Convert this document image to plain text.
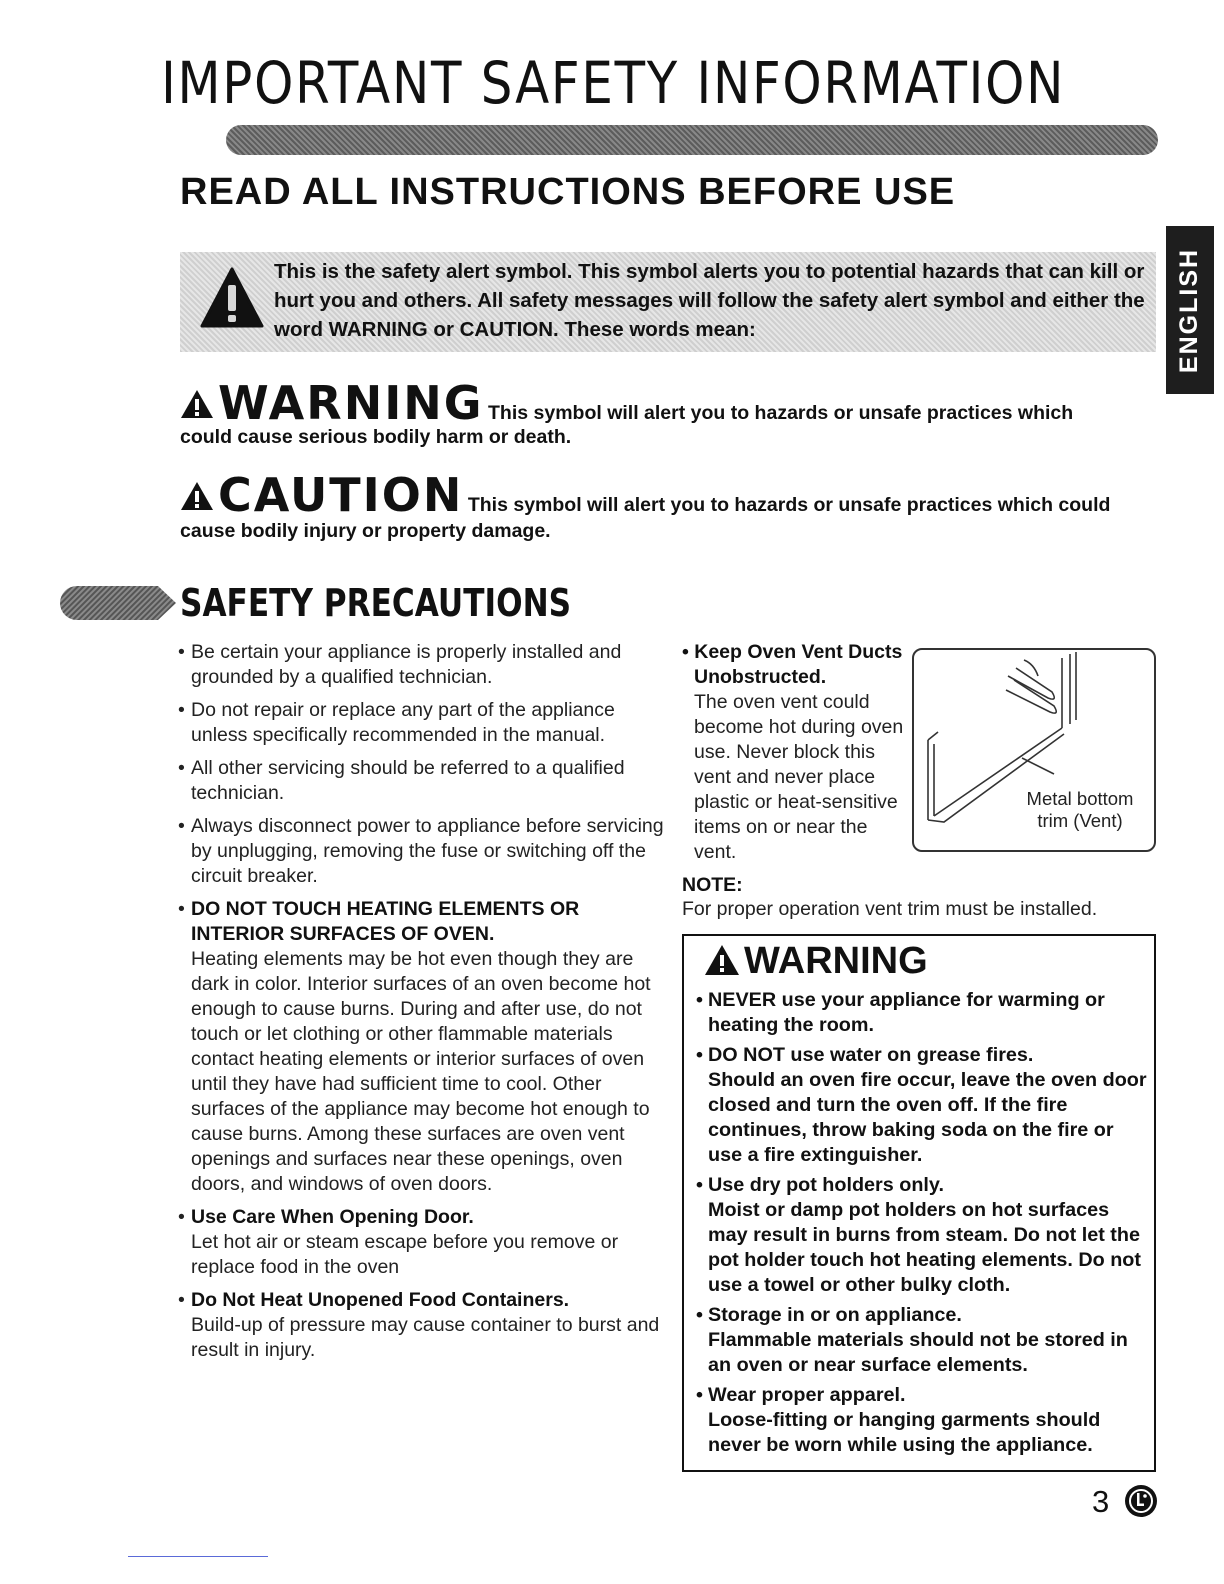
IMPORTANT SAFETY INFORMATION
READ ALL INSTRUCTIONS BEFORE USE
ENGLISH

This is the safety alert symbol. This symbol alerts you to potential hazards that can kill or hurt you and others. All safety messages will follow the safety alert symbol and either the word WARNING or CAUTION. These words mean:

WARNING This symbol will alert you to hazards or unsafe practices which

could cause serious bodily harm or death.

CAUTION This symbol will alert you to hazards or unsafe practices which could

cause bodily injury or property damage.

SAFETY PRECAUTIONS
• Be certain your appliance is properly installed and grounded by a qualified technician.
• Do not repair or replace any part of the appliance unless specifically recommended in the manual.
• All other servicing should be referred to a qualified technician.
• Always disconnect power to appliance before servicing by unplugging, removing the fuse or switching off the circuit breaker.
• DO NOT TOUCH HEATING ELEMENTS OR INTERIOR SURFACES OF OVEN.
Heating elements may be hot even though they are dark in color. Interior surfaces of an oven become hot enough to cause burns. During and after use, do not touch or let clothing or other flammable materials contact heating elements or interior surfaces of oven until they have had sufficient time to cool. Other surfaces of the appliance may become hot enough to cause burns. Among these surfaces are oven vent openings and surfaces near these openings, oven doors, and windows of oven doors.
• Use Care When Opening Door.
Let hot air or steam escape before you remove or replace food in the oven
• Do Not Heat Unopened Food Containers.
Build-up of pressure may cause container to burst and result in injury.
• Keep Oven Vent Ducts Unobstructed.
The oven vent could become hot during oven use. Never block this vent and never place plastic or heat-sensitive items on or near the vent.
Metal bottom trim (Vent)
NOTE:
For proper operation vent trim must be installed.
WARNING
• NEVER use your appliance for warming or heating the room.
• DO NOT use water on grease fires.
Should an oven fire occur, leave the oven door closed and turn the oven off. If the fire continues, throw baking soda on the fire or use a fire extinguisher.
• Use dry pot holders only.
Moist or damp pot holders on hot surfaces may result in burns from steam. Do not let the pot holder touch hot heating elements. Do not use a towel or other bulky cloth.
• Storage in or on appliance.
Flammable materials should not be stored in an oven or near surface elements.
• Wear proper apparel.
Loose-fitting or hanging garments should never be worn while using the appliance.
3
